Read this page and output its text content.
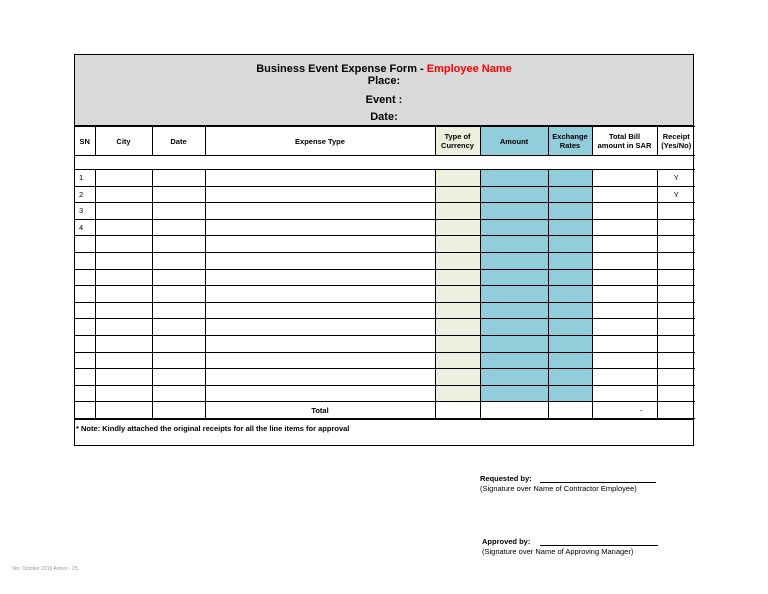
Business Event Expense Form - Employee Name
Place:
Event :
Date:
SN	City	Date	Expense Type	Type of Currency	Amount	Exchange Rates	Total Bill amount in SAR	Receipt (Yes/No)

1								Y
2								Y
3								
4								

			Total				-	
* Note: Kindly attached the original receipts for all the line items for approval
Requested by:
(Signature over Name of Contractor Employee)
Approved by:
(Signature over Name of Approving Manager)
Ver. October 2019 Annex - 25
